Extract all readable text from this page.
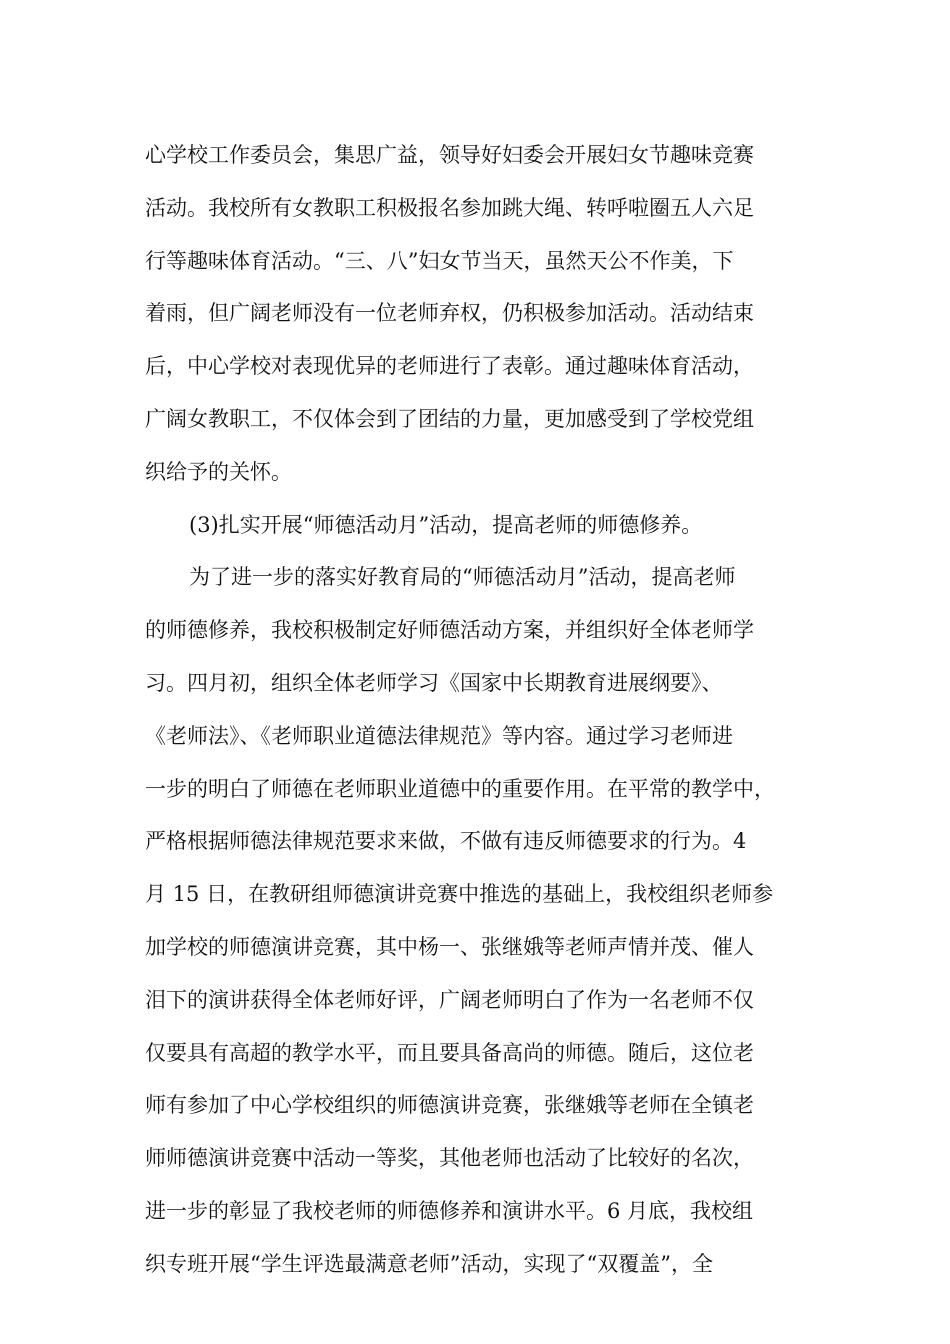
心学校工作委员会，集思广益，领导好妇委会开展妇女节趣味竞赛
活动。我校所有女教职工积极报名参加跳大绳、转呼啦圈五人六足
行等趣味体育活动。“三、八”妇女节当天，虽然天公不作美，下
着雨，但广阔老师没有一位老师弃权，仍积极参加活动。活动结束
后，中心学校对表现优异的老师进行了表彰。通过趣味体育活动，
广阔女教职工，不仅体会到了团结的力量，更加感受到了学校党组
织给予的关怀。
(3)扎实开展“师德活动月”活动，提高老师的师德修养。
为了进一步的落实好教育局的“师德活动月”活动，提高老师
的师德修养，我校积极制定好师德活动方案，并组织好全体老师学
习。四月初，组织全体老师学习《国家中长期教育进展纲要》、
《老师法》、《老师职业道德法律规范》等内容。通过学习老师进
一步的明白了师德在老师职业道德中的重要作用。在平常的教学中，
严格根据师德法律规范要求来做，不做有违反师德要求的行为。4
月 15 日，在教研组师德演讲竞赛中推选的基础上，我校组织老师参
加学校的师德演讲竞赛，其中杨一、张继娥等老师声情并茂、催人
泪下的演讲获得全体老师好评，广阔老师明白了作为一名老师不仅
仅要具有高超的教学水平，而且要具备高尚的师德。随后，这位老
师有参加了中心学校组织的师德演讲竞赛，张继娥等老师在全镇老
师师德演讲竞赛中活动一等奖，其他老师也活动了比较好的名次，
进一步的彰显了我校老师的师德修养和演讲水平。6 月底，我校组
织专班开展“学生评选最满意老师”活动，实现了“双覆盖”，全
